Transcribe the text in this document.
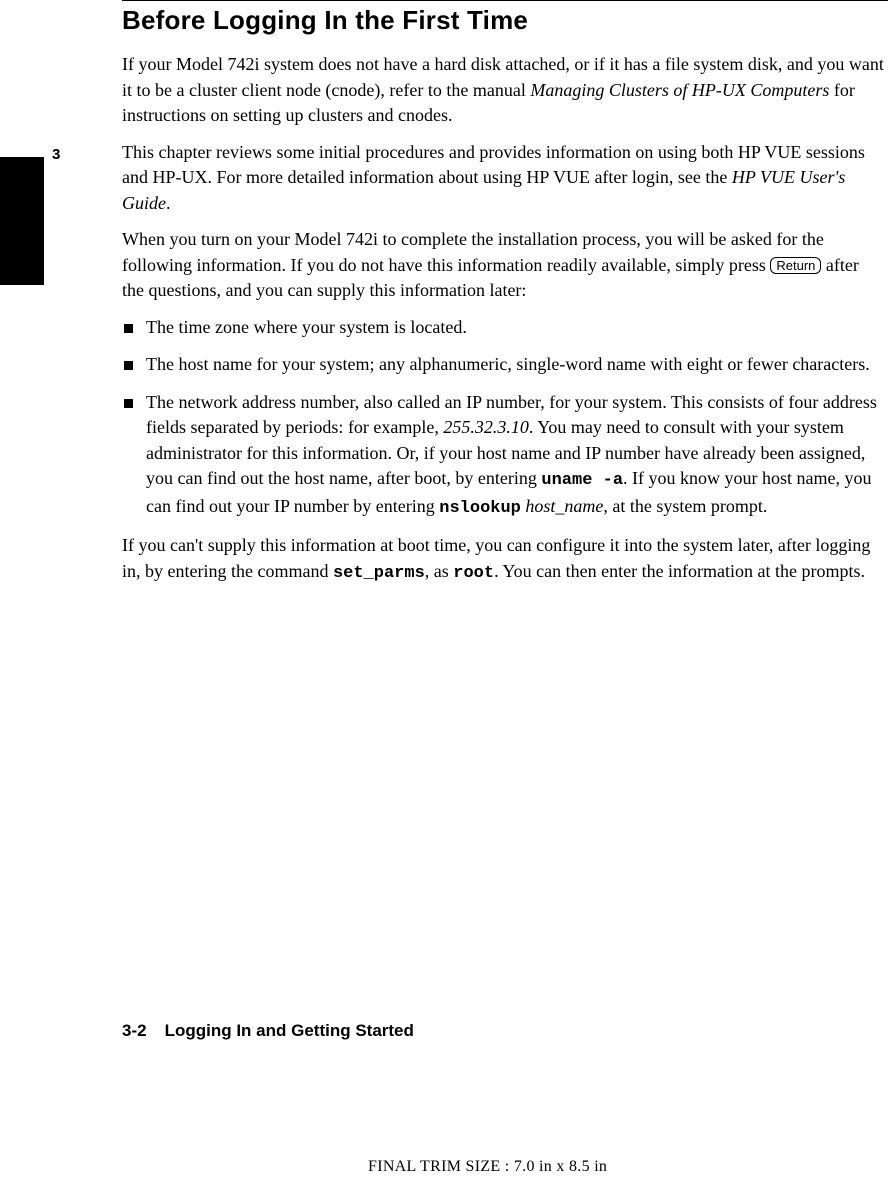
3
Before Logging In the First Time

If your Model 742i system does not have a hard disk attached, or if it has a file system disk, and you want it to be a cluster client node (cnode), refer to the manual Managing Clusters of HP-UX Computers for instructions on setting up clusters and cnodes.

This chapter reviews some initial procedures and provides information on using both HP VUE sessions and HP-UX. For more detailed information about using HP VUE after login, see the HP VUE User's Guide.

When you turn on your Model 742i to complete the installation process, you will be asked for the following information. If you do not have this information readily available, simply press Return after the questions, and you can supply this information later:

The time zone where your system is located.
The host name for your system; any alphanumeric, single-word name with eight or fewer characters.
The network address number, also called an IP number, for your system. This consists of four address fields separated by periods: for example, 255.32.3.10. You may need to consult with your system administrator for this information. Or, if your host name and IP number have already been assigned, you can find out the host name, after boot, by entering uname -a. If you know your host name, you can find out your IP number by entering nslookup host_name, at the system prompt.

If you can't supply this information at boot time, you can configure it into the system later, after logging in, by entering the command set_parms, as root. You can then enter the information at the prompts.

3-2 Logging In and Getting Started

FINAL TRIM SIZE : 7.0 in x 8.5 in
